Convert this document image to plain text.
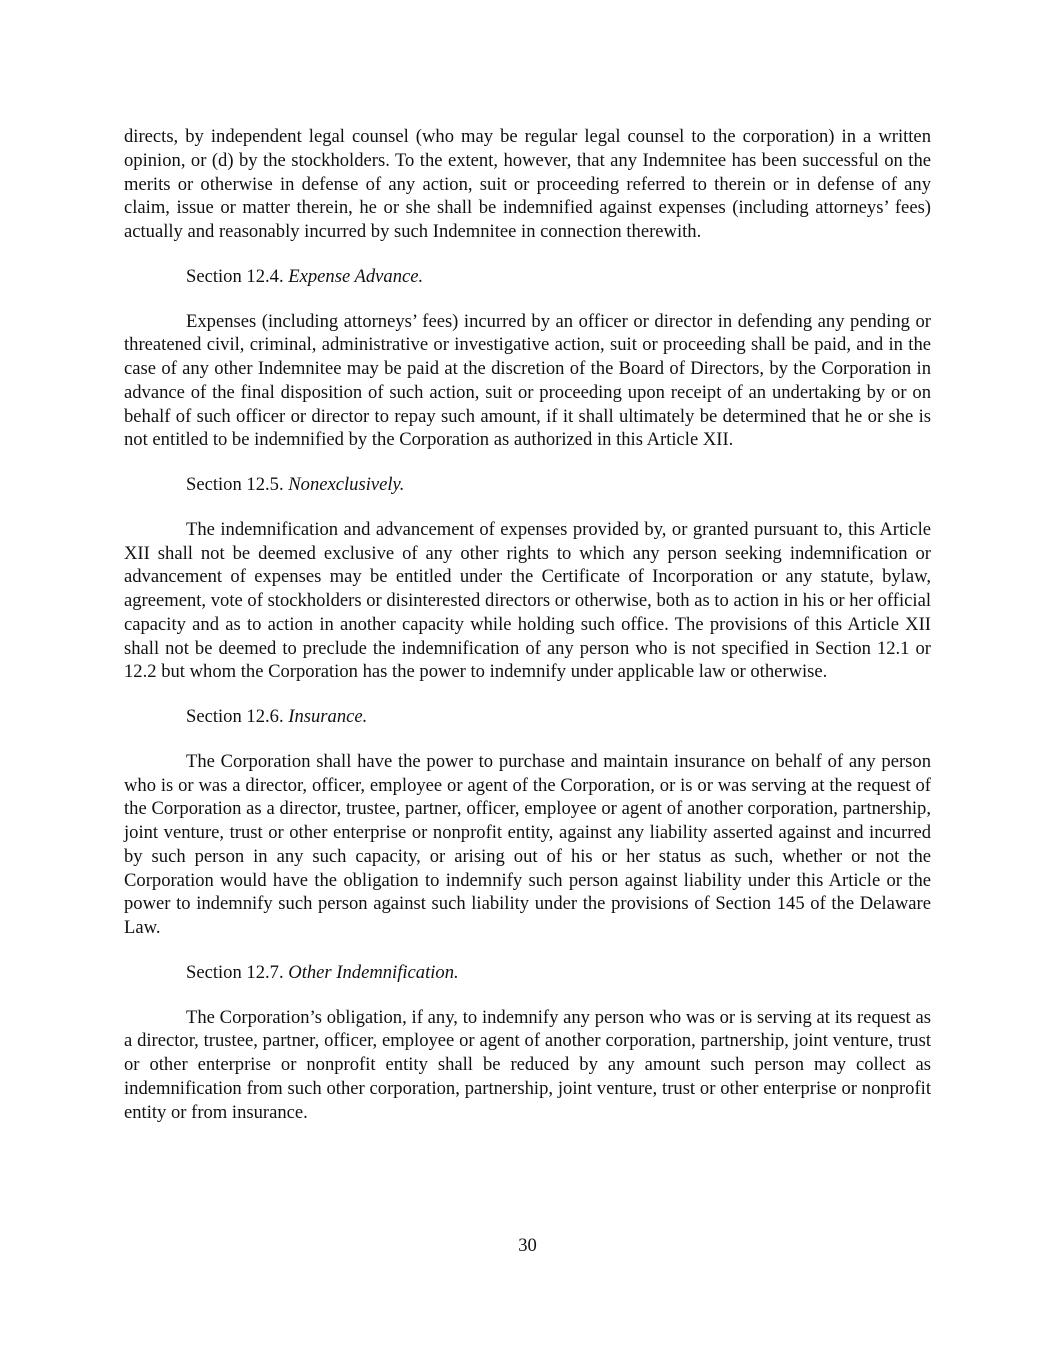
directs, by independent legal counsel (who may be regular legal counsel to the corporation) in a written opinion, or (d) by the stockholders. To the extent, however, that any Indemnitee has been successful on the merits or otherwise in defense of any action, suit or proceeding referred to therein or in defense of any claim, issue or matter therein, he or she shall be indemnified against expenses (including attorneys’ fees) actually and reasonably incurred by such Indemnitee in connection therewith.

Section 12.4. Expense Advance.

Expenses (including attorneys’ fees) incurred by an officer or director in defending any pending or threatened civil, criminal, administrative or investigative action, suit or proceeding shall be paid, and in the case of any other Indemnitee may be paid at the discretion of the Board of Directors, by the Corporation in advance of the final disposition of such action, suit or proceeding upon receipt of an undertaking by or on behalf of such officer or director to repay such amount, if it shall ultimately be determined that he or she is not entitled to be indemnified by the Corporation as authorized in this Article XII.

Section 12.5. Nonexclusively.

The indemnification and advancement of expenses provided by, or granted pursuant to, this Article XII shall not be deemed exclusive of any other rights to which any person seeking indemnification or advancement of expenses may be entitled under the Certificate of Incorporation or any statute, bylaw, agreement, vote of stockholders or disinterested directors or otherwise, both as to action in his or her official capacity and as to action in another capacity while holding such office. The provisions of this Article XII shall not be deemed to preclude the indemnification of any person who is not specified in Section 12.1 or 12.2 but whom the Corporation has the power to indemnify under applicable law or otherwise.

Section 12.6. Insurance.

The Corporation shall have the power to purchase and maintain insurance on behalf of any person who is or was a director, officer, employee or agent of the Corporation, or is or was serving at the request of the Corporation as a director, trustee, partner, officer, employee or agent of another corporation, partnership, joint venture, trust or other enterprise or nonprofit entity, against any liability asserted against and incurred by such person in any such capacity, or arising out of his or her status as such, whether or not the Corporation would have the obligation to indemnify such person against liability under this Article or the power to indemnify such person against such liability under the provisions of Section 145 of the Delaware Law.

Section 12.7. Other Indemnification.

The Corporation’s obligation, if any, to indemnify any person who was or is serving at its request as a director, trustee, partner, officer, employee or agent of another corporation, partnership, joint venture, trust or other enterprise or nonprofit entity shall be reduced by any amount such person may collect as indemnification from such other corporation, partnership, joint venture, trust or other enterprise or nonprofit entity or from insurance.

30
